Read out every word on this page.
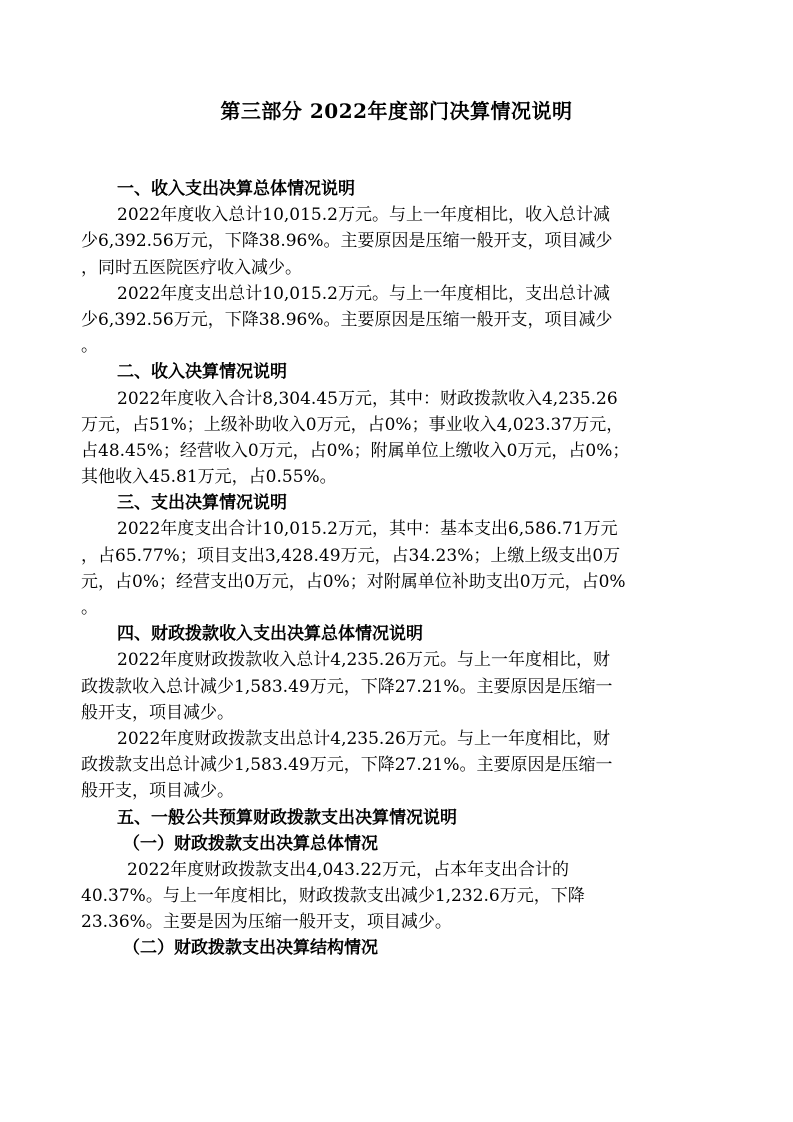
第三部分 2022年度部门决算情况说明
一、收入支出决算总体情况说明
2022年度收入总计10,015.2万元。与上一年度相比，收入总计减
少6,392.56万元，下降38.96%。主要原因是压缩一般开支，项目减少
，同时五医院医疗收入减少。
2022年度支出总计10,015.2万元。与上一年度相比，支出总计减
少6,392.56万元，下降38.96%。主要原因是压缩一般开支，项目减少
。
二、收入决算情况说明
2022年度收入合计8,304.45万元，其中：财政拨款收入4,235.26
万元，占51%；上级补助收入0万元，占0%；事业收入4,023.37万元，
占48.45%；经营收入0万元，占0%；附属单位上缴收入0万元，占0%；
其他收入45.81万元，占0.55%。
三、支出决算情况说明
2022年度支出合计10,015.2万元，其中：基本支出6,586.71万元
，占65.77%；项目支出3,428.49万元，占34.23%；上缴上级支出0万
元，占0%；经营支出0万元，占0%；对附属单位补助支出0万元，占0%
。
四、财政拨款收入支出决算总体情况说明
2022年度财政拨款收入总计4,235.26万元。与上一年度相比，财
政拨款收入总计减少1,583.49万元，下降27.21%。主要原因是压缩一
般开支，项目减少。
2022年度财政拨款支出总计4,235.26万元。与上一年度相比，财
政拨款支出总计减少1,583.49万元，下降27.21%。主要原因是压缩一
般开支，项目减少。
五、一般公共预算财政拨款支出决算情况说明
（一）财政拨款支出决算总体情况
2022年度财政拨款支出4,043.22万元，占本年支出合计的
40.37%。与上一年度相比，财政拨款支出减少1,232.6万元，下降
23.36%。主要是因为压缩一般开支，项目减少。
（二）财政拨款支出决算结构情况
